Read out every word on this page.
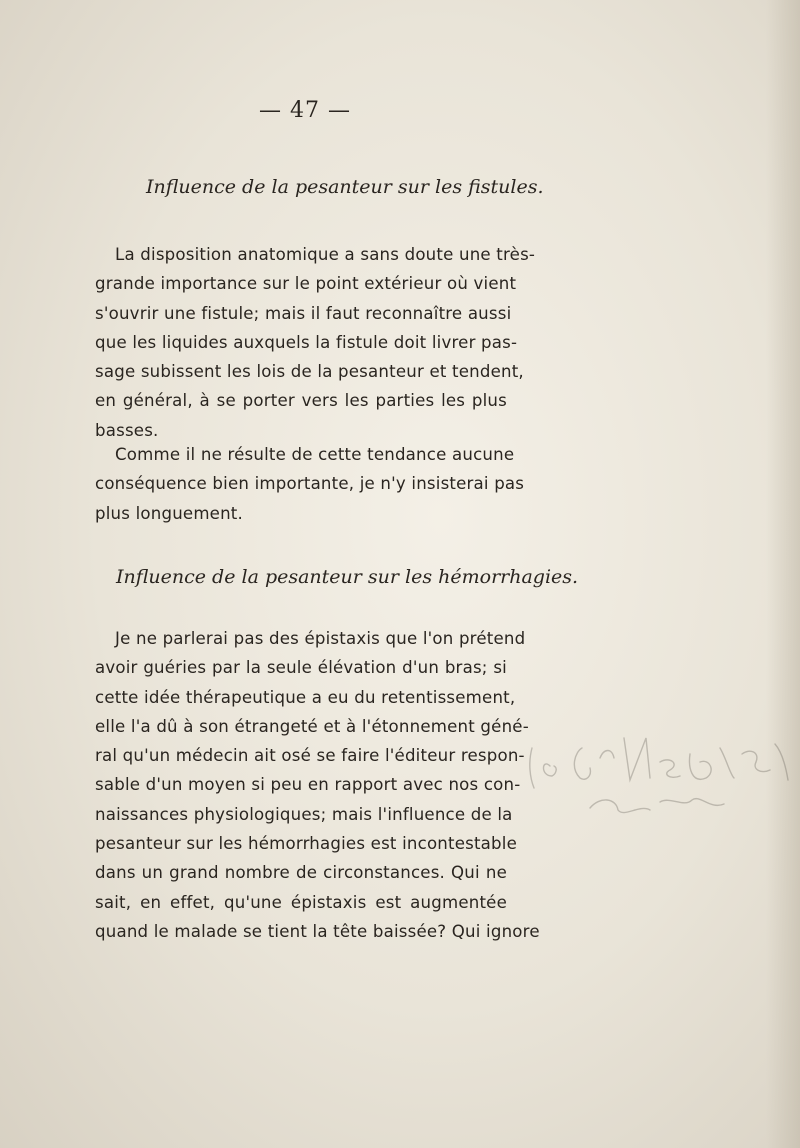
— 47 —
Influence de la pesanteur sur les fistules.
La disposition anatomique a sans doute une très-
grande importance sur le point extérieur où vient
s'ouvrir une fistule; mais il faut reconnaître aussi
que les liquides auxquels la fistule doit livrer pas-
sage subissent les lois de la pesanteur et tendent,
en général, à se porter vers les parties les plus
basses.
Comme il ne résulte de cette tendance aucune
conséquence bien importante, je n'y insisterai pas
plus longuement.
Influence de la pesanteur sur les hémorrhagies.
Je ne parlerai pas des épistaxis que l'on prétend
avoir guéries par la seule élévation d'un bras; si
cette idée thérapeutique a eu du retentissement,
elle l'a dû à son étrangeté et à l'étonnement géné-
ral qu'un médecin ait osé se faire l'éditeur respon-
sable d'un moyen si peu en rapport avec nos con-
naissances physiologiques; mais l'influence de la
pesanteur sur les hémorrhagies est incontestable
dans un grand nombre de circonstances. Qui ne
sait, en effet, qu'une épistaxis est augmentée
quand le malade se tient la tête baissée? Qui ignore
